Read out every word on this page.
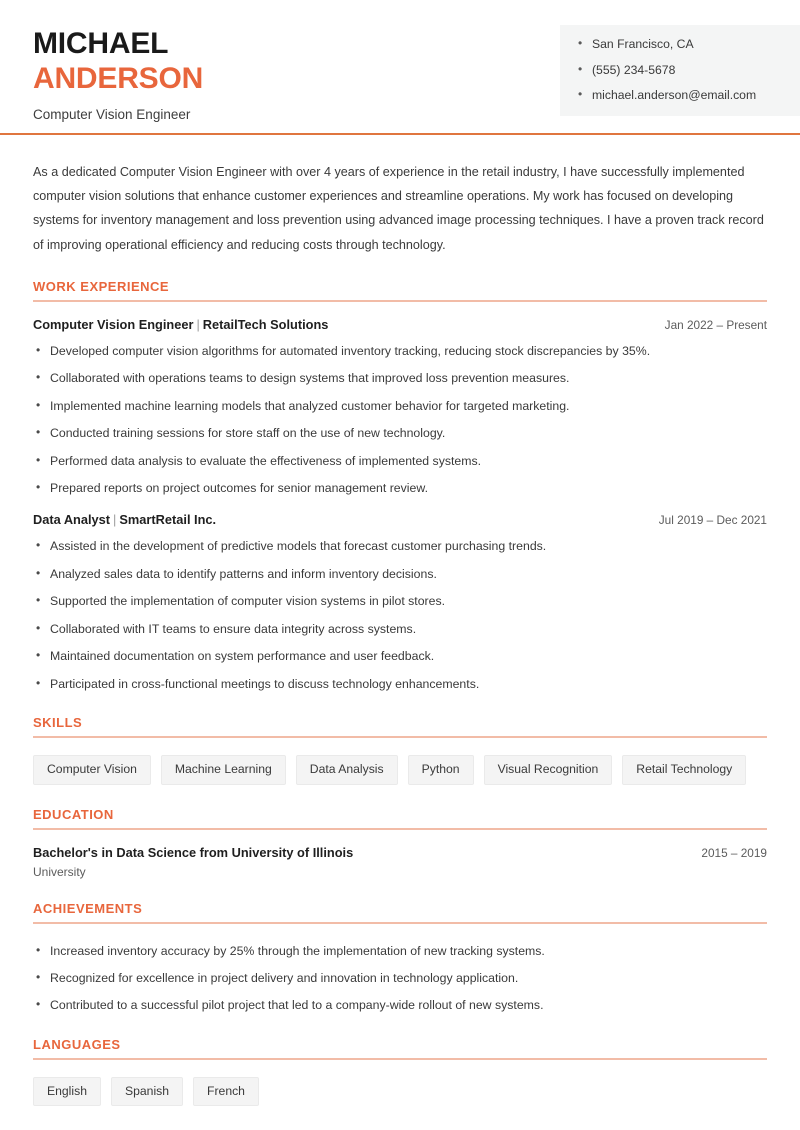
MICHAEL
ANDERSON
Computer Vision Engineer
• San Francisco, CA
• (555) 234-5678
• michael.anderson@email.com
As a dedicated Computer Vision Engineer with over 4 years of experience in the retail industry, I have successfully implemented computer vision solutions that enhance customer experiences and streamline operations. My work has focused on developing systems for inventory management and loss prevention using advanced image processing techniques. I have a proven track record of improving operational efficiency and reducing costs through technology.
WORK EXPERIENCE
Computer Vision Engineer | RetailTech Solutions	Jan 2022 – Present
• Developed computer vision algorithms for automated inventory tracking, reducing stock discrepancies by 35%.
• Collaborated with operations teams to design systems that improved loss prevention measures.
• Implemented machine learning models that analyzed customer behavior for targeted marketing.
• Conducted training sessions for store staff on the use of new technology.
• Performed data analysis to evaluate the effectiveness of implemented systems.
• Prepared reports on project outcomes for senior management review.
Data Analyst | SmartRetail Inc.	Jul 2019 – Dec 2021
• Assisted in the development of predictive models that forecast customer purchasing trends.
• Analyzed sales data to identify patterns and inform inventory decisions.
• Supported the implementation of computer vision systems in pilot stores.
• Collaborated with IT teams to ensure data integrity across systems.
• Maintained documentation on system performance and user feedback.
• Participated in cross-functional meetings to discuss technology enhancements.
SKILLS
Computer Vision	Machine Learning	Data Analysis	Python	Visual Recognition	Retail Technology
EDUCATION
Bachelor's in Data Science from University of Illinois	2015 – 2019
University
ACHIEVEMENTS
• Increased inventory accuracy by 25% through the implementation of new tracking systems.
• Recognized for excellence in project delivery and innovation in technology application.
• Contributed to a successful pilot project that led to a company-wide rollout of new systems.
LANGUAGES
English	Spanish	French
